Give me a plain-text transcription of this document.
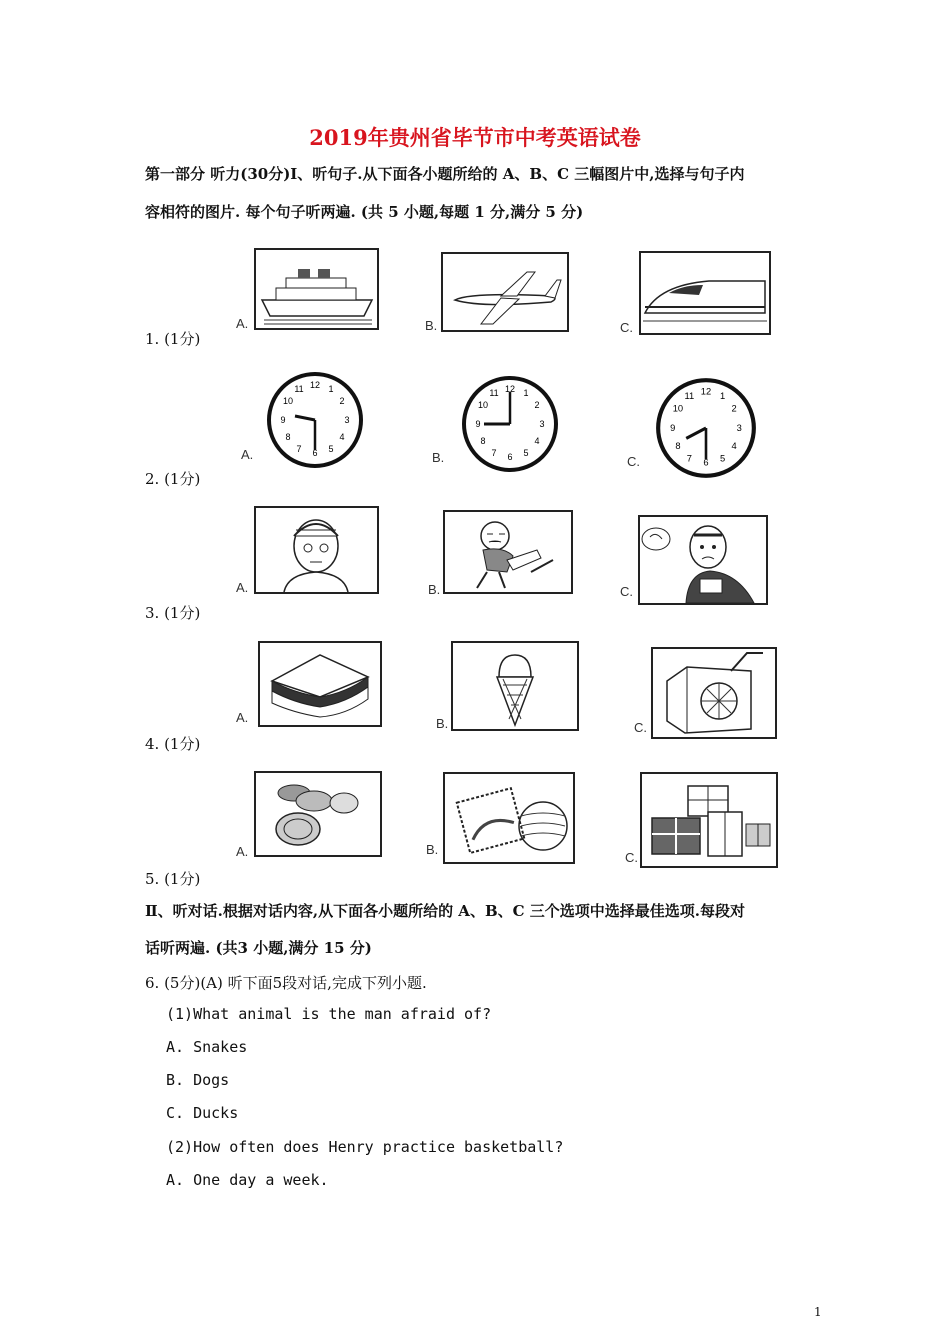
2019年贵州省毕节市中考英语试卷
第一部分 听力(30分)Ⅰ、听句子.从下面各小题所给的 A、B、C 三幅图片中,选择与句子内
容相符的图片. 每个句子听两遍. (共 5 小题,每题 1 分,满分 5 分)
1. (1分)
A.	B.	C.
2. (1分)
A.
12 1
2
3
4
5
6
7
8
9
10
11
B.
12 1
2
3
4
5
6
7
8
9
10
11
C.
12 1
2
3
4
5
6
7
8
9
10
11
3. (1分)
A.	B.	C.
4. (1分)
A.	B.	C.
5. (1分)
A.	B.
C.
Ⅱ、听对话.根据对话内容,从下面各小题所给的 A、B、C 三个选项中选择最佳选项.每段对
话听两遍. (共3 小题,满分 15 分)
6. (5分)(A) 听下面5段对话,完成下列小题.
(1)What animal is the man afraid of?
A. Snakes
B. Dogs
C. Ducks
(2)How often does Henry practice basketball?
A. One day a week.
1
